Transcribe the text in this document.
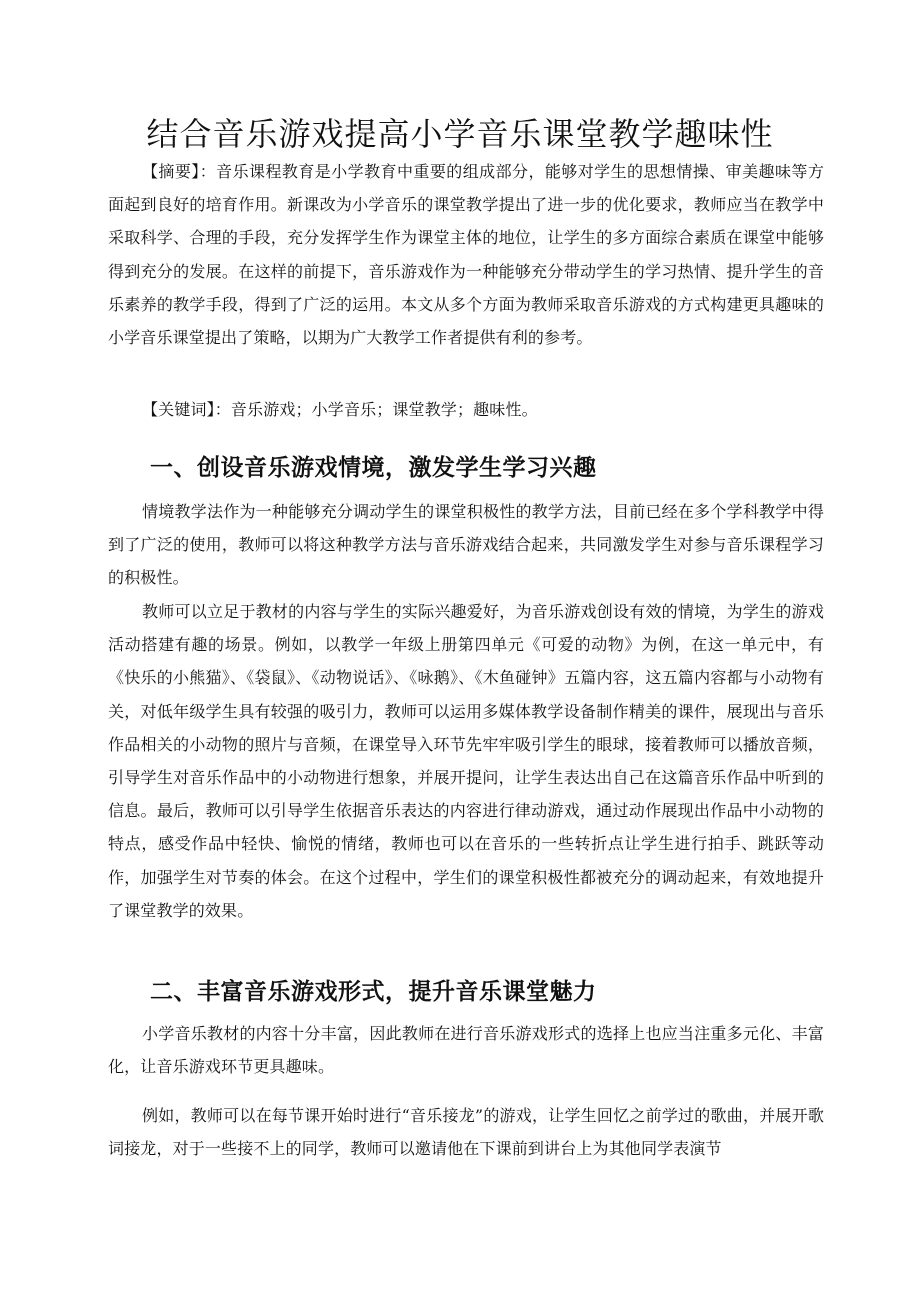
结合音乐游戏提高小学音乐课堂教学趣味性

【摘要】：音乐课程教育是小学教育中重要的组成部分，能够对学生的思想情操、审美趣味等方面起到良好的培育作用。新课改为小学音乐的课堂教学提出了进一步的优化要求，教师应当在教学中采取科学、合理的手段，充分发挥学生作为课堂主体的地位，让学生的多方面综合素质在课堂中能够得到充分的发展。在这样的前提下，音乐游戏作为一种能够充分带动学生的学习热情、提升学生的音乐素养的教学手段，得到了广泛的运用。本文从多个方面为教师采取音乐游戏的方式构建更具趣味的小学音乐课堂提出了策略，以期为广大教学工作者提供有利的参考。

【关键词】：音乐游戏；小学音乐；课堂教学；趣味性。

一、创设音乐游戏情境，激发学生学习兴趣

情境教学法作为一种能够充分调动学生的课堂积极性的教学方法，目前已经在多个学科教学中得到了广泛的使用，教师可以将这种教学方法与音乐游戏结合起来，共同激发学生对参与音乐课程学习的积极性。

教师可以立足于教材的内容与学生的实际兴趣爱好，为音乐游戏创设有效的情境，为学生的游戏活动搭建有趣的场景。例如，以教学一年级上册第四单元《可爱的动物》为例，在这一单元中，有《快乐的小熊猫》、《袋鼠》、《动物说话》、《咏鹅》、《木鱼碰钟》五篇内容，这五篇内容都与小动物有关，对低年级学生具有较强的吸引力，教师可以运用多媒体教学设备制作精美的课件，展现出与音乐作品相关的小动物的照片与音频，在课堂导入环节先牢牢吸引学生的眼球，接着教师可以播放音频，引导学生对音乐作品中的小动物进行想象，并展开提问，让学生表达出自己在这篇音乐作品中听到的信息。最后，教师可以引导学生依据音乐表达的内容进行律动游戏，通过动作展现出作品中小动物的特点，感受作品中轻快、愉悦的情绪，教师也可以在音乐的一些转折点让学生进行拍手、跳跃等动作，加强学生对节奏的体会。在这个过程中，学生们的课堂积极性都被充分的调动起来，有效地提升了课堂教学的效果。

二、丰富音乐游戏形式，提升音乐课堂魅力

小学音乐教材的内容十分丰富，因此教师在进行音乐游戏形式的选择上也应当注重多元化、丰富化，让音乐游戏环节更具趣味。

例如，教师可以在每节课开始时进行“音乐接龙”的游戏，让学生回忆之前学过的歌曲，并展开歌词接龙，对于一些接不上的同学，教师可以邀请他在下课前到讲台上为其他同学表演节
